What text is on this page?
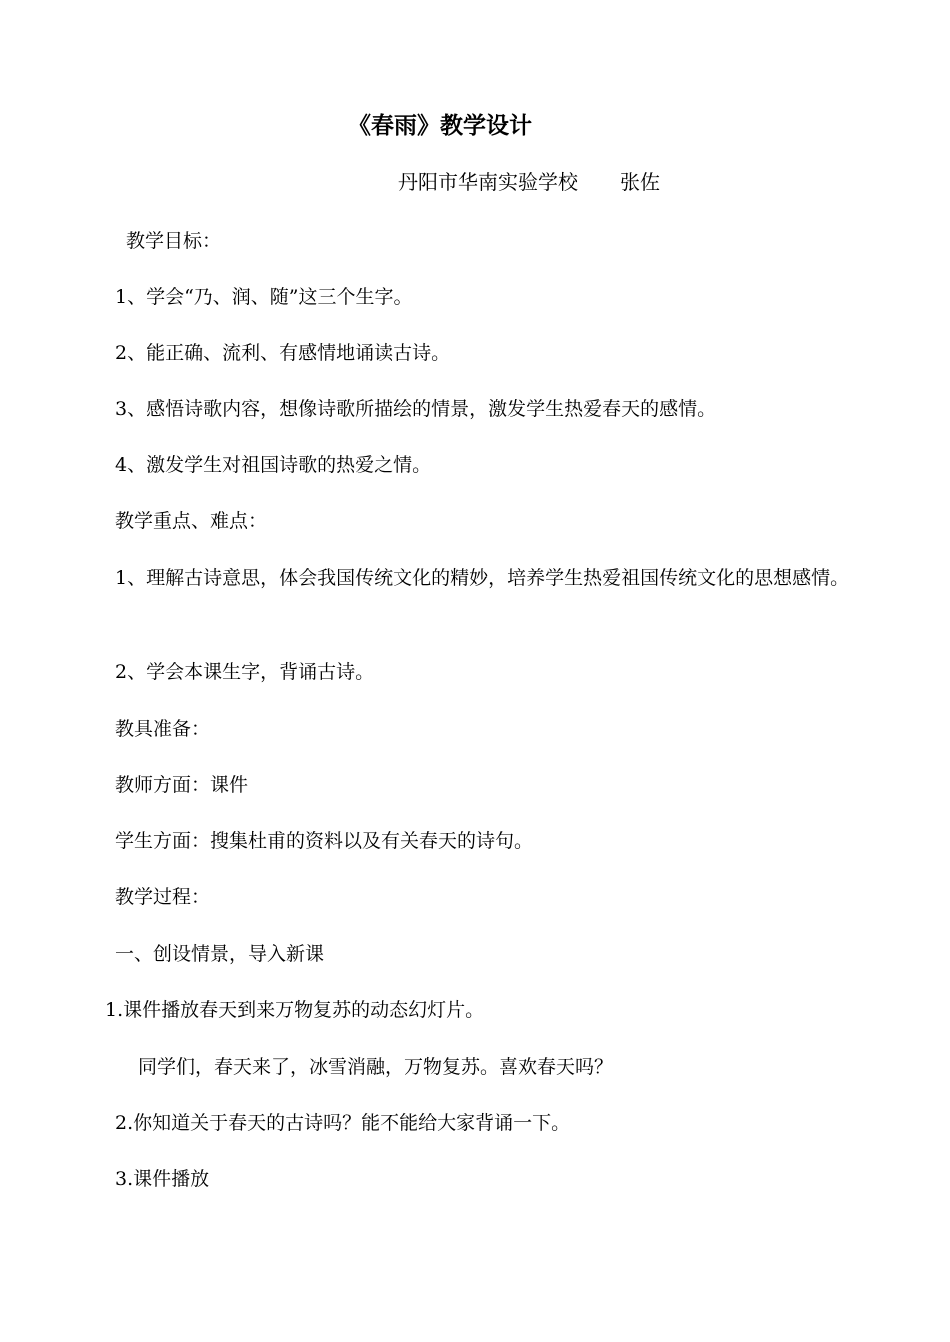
《春雨》教学设计
丹阳市华南实验学校 张佐
教学目标：
1、学会“乃、润、随”这三个生字。
2、能正确、流利、有感情地诵读古诗。
3、感悟诗歌内容，想像诗歌所描绘的情景，激发学生热爱春天的感情。
4、激发学生对祖国诗歌的热爱之情。
教学重点、难点：
1、理解古诗意思，体会我国传统文化的精妙，培养学生热爱祖国传统文化的思想感情。
2、学会本课生字，背诵古诗。
教具准备：
教师方面：课件
学生方面：搜集杜甫的资料以及有关春天的诗句。
教学过程：
一、创设情景，导入新课
1.课件播放春天到来万物复苏的动态幻灯片。
同学们，春天来了，冰雪消融，万物复苏。喜欢春天吗？
2.你知道关于春天的古诗吗？能不能给大家背诵一下。
3.课件播放
